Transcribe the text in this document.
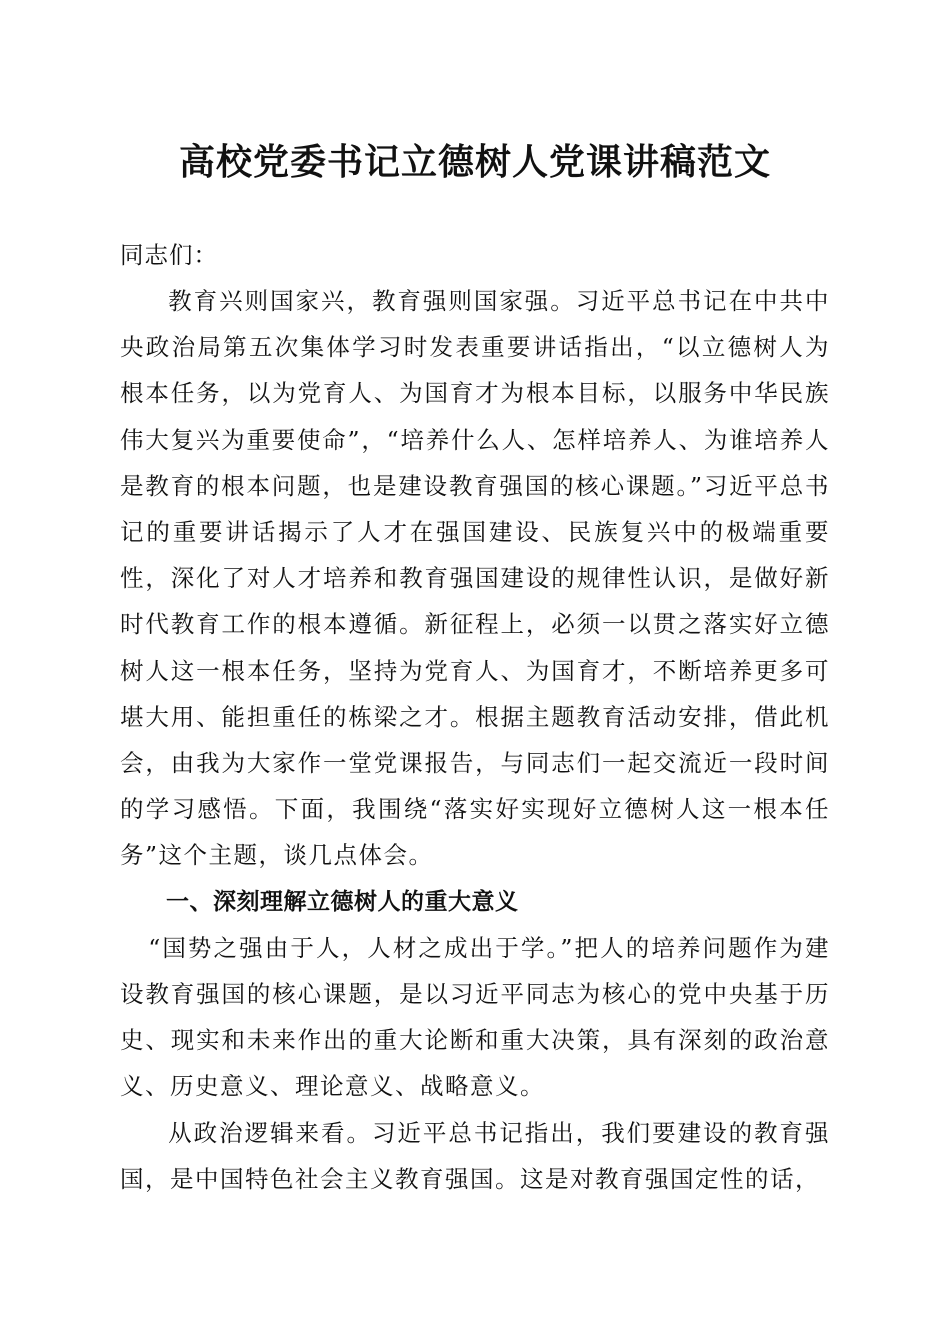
高校党委书记立德树人党课讲稿范文

同志们：

教育兴则国家兴，教育强则国家强。习近平总书记在中共中央政治局第五次集体学习时发表重要讲话指出，“以立德树人为根本任务，以为党育人、为国育才为根本目标，以服务中华民族伟大复兴为重要使命”，“培养什么人、怎样培养人、为谁培养人是教育的根本问题，也是建设教育强国的核心课题。”习近平总书记的重要讲话揭示了人才在强国建设、民族复兴中的极端重要性，深化了对人才培养和教育强国建设的规律性认识，是做好新时代教育工作的根本遵循。新征程上，必须一以贯之落实好立德树人这一根本任务，坚持为党育人、为国育才，不断培养更多可堪大用、能担重任的栋梁之才。根据主题教育活动安排，借此机会，由我为大家作一堂党课报告，与同志们一起交流近一段时间的学习感悟。下面，我围绕“落实好实现好立德树人这一根本任务”这个主题，谈几点体会。

一、深刻理解立德树人的重大意义

“国势之强由于人，人材之成出于学。”把人的培养问题作为建设教育强国的核心课题，是以习近平同志为核心的党中央基于历史、现实和未来作出的重大论断和重大决策，具有深刻的政治意义、历史意义、理论意义、战略意义。

从政治逻辑来看。习近平总书记指出，我们要建设的教育强国，是中国特色社会主义教育强国。这是对教育强国定性的话，
